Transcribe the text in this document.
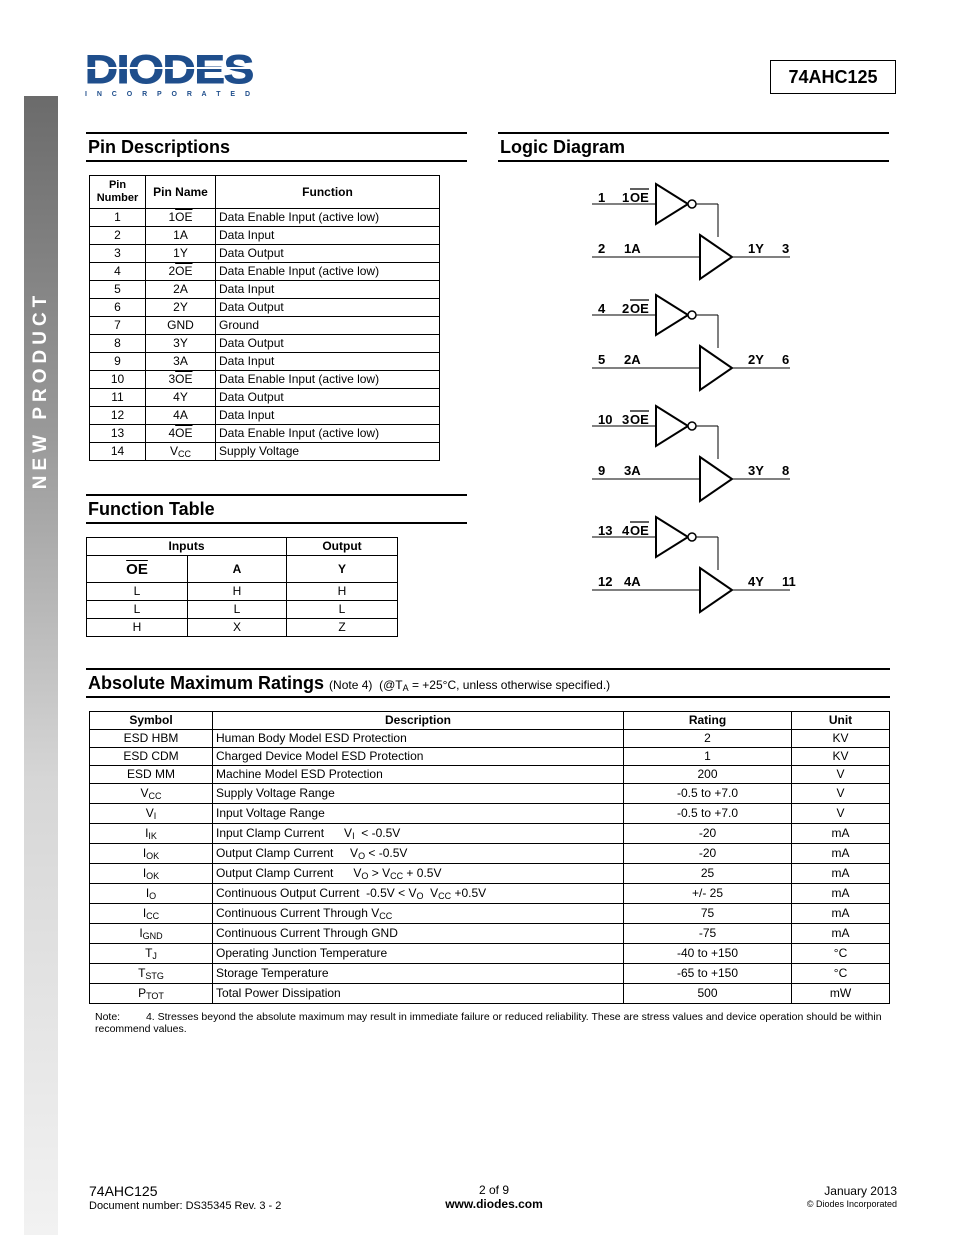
NEW PRODUCT
DIODES
I N C O R P O R A T E D
74AHC125
Pin Descriptions
Pin Number	Pin Name	Function
1	$1\overline{OE}$	Data Enable Input (active low)
2	1A	Data Input
3	1Y	Data Output
4	$2\overline{OE}$	Data Enable Input (active low)
5	2A	Data Input
6	2Y	Data Output
7	GND	Ground
8	3Y	Data Output
9	3A	Data Input
10	$3\overline{OE}$	Data Enable Input (active low)
11	4Y	Data Output
12	4A	Data Input
13	$4\overline{OE}$	Data Enable Input (active low)
14	$V_{CC}$	Supply Voltage
Function Table
Inputs		Output
$\overline{OE}$	A	Y
L	H	H
L	L	L
H	X	Z
Logic Diagram
1 1 OE
2 1A	1Y 3
4 2 OE
5 2A	2Y 6
10 3 OE
9 3A	3Y 8
13 4 OE
12 4A	4Y 11
Absolute Maximum Ratings (Note 4) ($@T_A = +25^\circ C$, unless otherwise specified.)
Symbol	Description	Rating	Unit
ESD HBM	Human Body Model ESD Protection	2	KV
ESD CDM	Charged Device Model ESD Protection	1	KV
ESD MM	Machine Model ESD Protection	200	V
$V_{CC}$	Supply Voltage Range	-0.5 to +7.0	V
$V_I$	Input Voltage Range	-0.5 to +7.0	V
$I_{IK}$	Input Clamp Current      $V_I < -0.5V$	-20	mA
$I_{OK}$	Output Clamp Current     $V_O < -0.5V$	-20	mA
$I_{OK}$	Output Clamp Current      $V_O > V_{CC} + 0.5V$	25	mA
$I_O$	Continuous Output Current  $-0.5V < V_O$  $V_{CC} +0.5V$	+/- 25	mA
$I_{CC}$	Continuous Current Through $V_{CC}$	75	mA
$I_{GND}$	Continuous Current Through GND	-75	mA
$T_J$	Operating Junction Temperature	-40 to +150	°C
$T_{STG}$	Storage Temperature	-65 to +150	°C
$P_{TOT}$	Total Power Dissipation	500	mW
Note: 4. Stresses beyond the absolute maximum may result in immediate failure or reduced reliability. These are stress values and device operation should be within recommend values.
74AHC125
Document number: DS35345 Rev. 3 - 2
2 of 9
www.diodes.com
January 2013
© Diodes Incorporated
